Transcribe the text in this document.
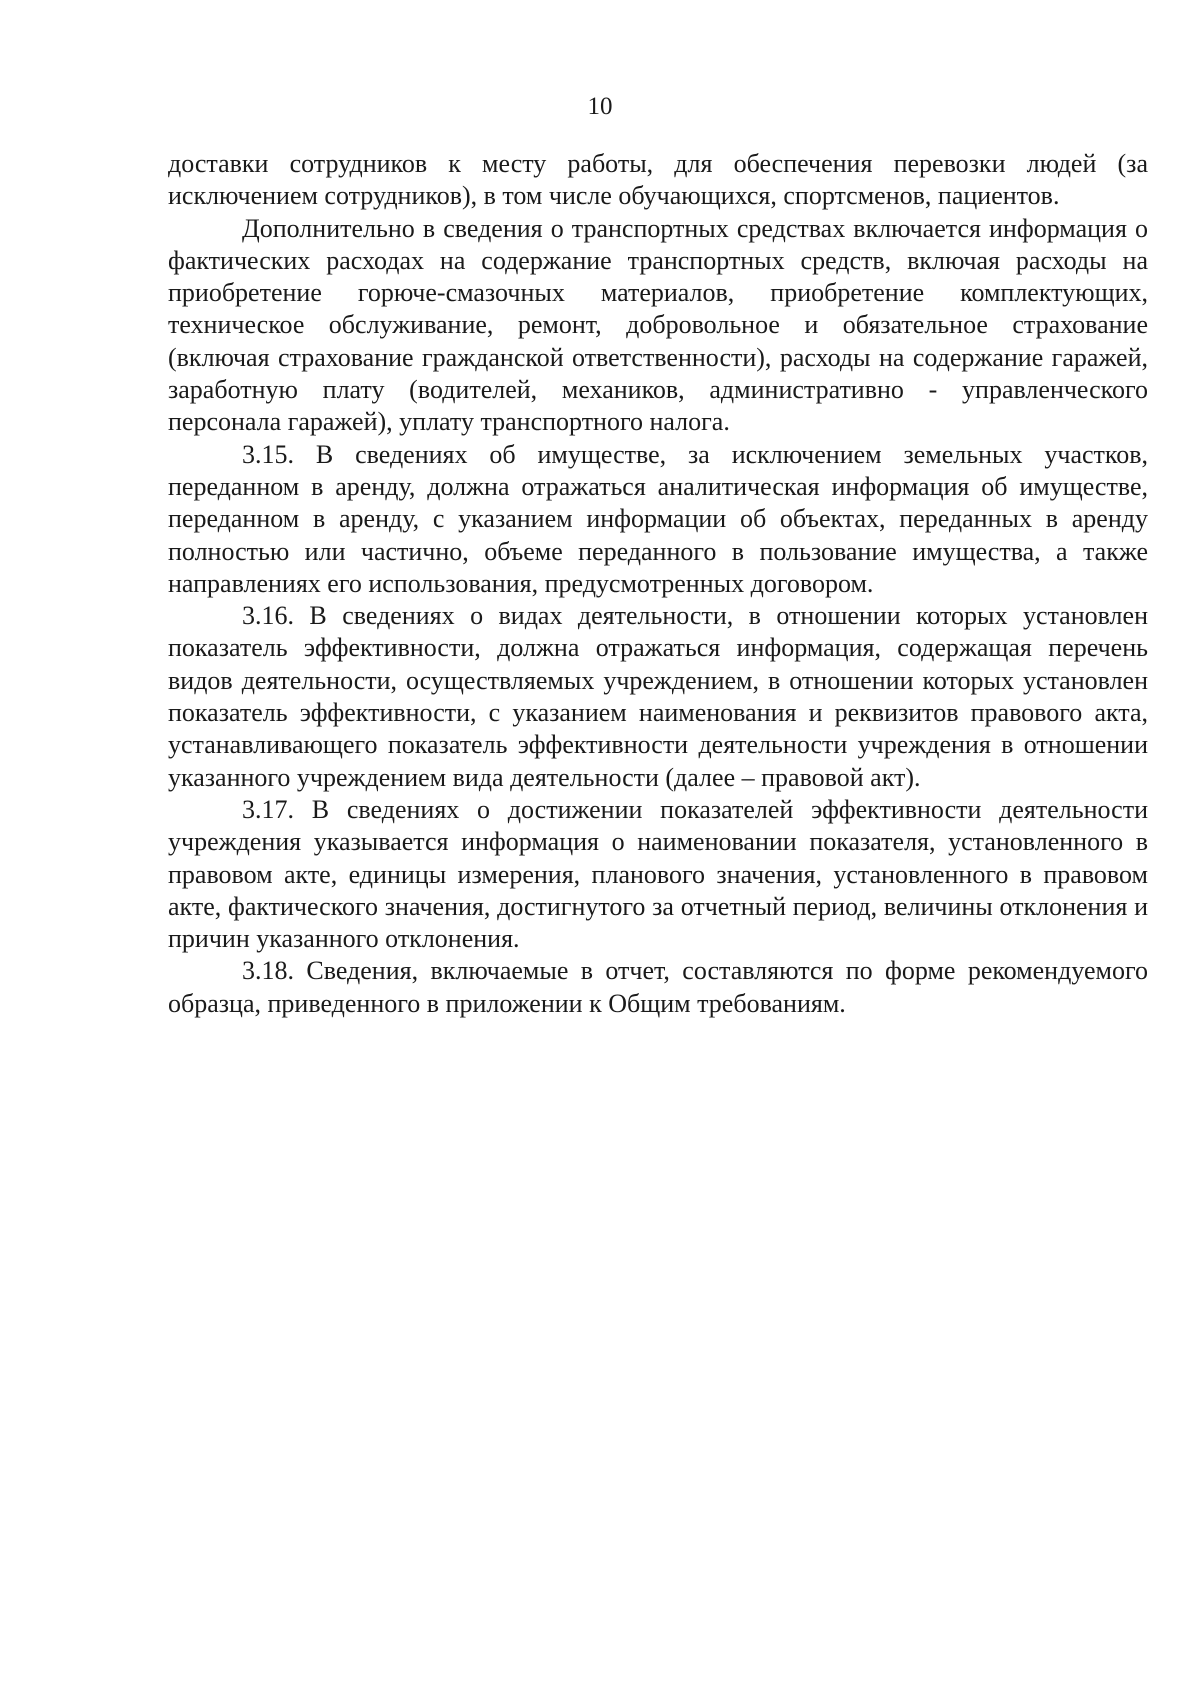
10

доставки сотрудников к месту работы, для обеспечения перевозки людей (за исключением сотрудников), в том числе обучающихся, спортсменов, пациентов.

Дополнительно в сведения о транспортных средствах включается информация о фактических расходах на содержание транспортных средств, включая расходы на приобретение горюче-смазочных материалов, приобретение комплектующих, техническое обслуживание, ремонт, добровольное и обязательное страхование (включая страхование гражданской ответственности), расходы на содержание гаражей, заработную плату (водителей, механиков, административно - управленческого персонала гаражей), уплату транспортного налога.

3.15. В сведениях об имуществе, за исключением земельных участков, переданном в аренду, должна отражаться аналитическая информация об имуществе, переданном в аренду, с указанием информации об объектах, переданных в аренду полностью или частично, объеме переданного в пользование имущества, а также направлениях его использования, предусмотренных договором.

3.16. В сведениях о видах деятельности, в отношении которых установлен показатель эффективности, должна отражаться информация, содержащая перечень видов деятельности, осуществляемых учреждением, в отношении которых установлен показатель эффективности, с указанием наименования и реквизитов правового акта, устанавливающего показатель эффективности деятельности учреждения в отношении указанного учреждением вида деятельности (далее – правовой акт).

3.17. В сведениях о достижении показателей эффективности деятельности учреждения указывается информация о наименовании показателя, установленного в правовом акте, единицы измерения, планового значения, установленного в правовом акте, фактического значения, достигнутого за отчетный период, величины отклонения и причин указанного отклонения.

3.18. Сведения, включаемые в отчет, составляются по форме рекомендуемого образца, приведенного в приложении к Общим требованиям.
